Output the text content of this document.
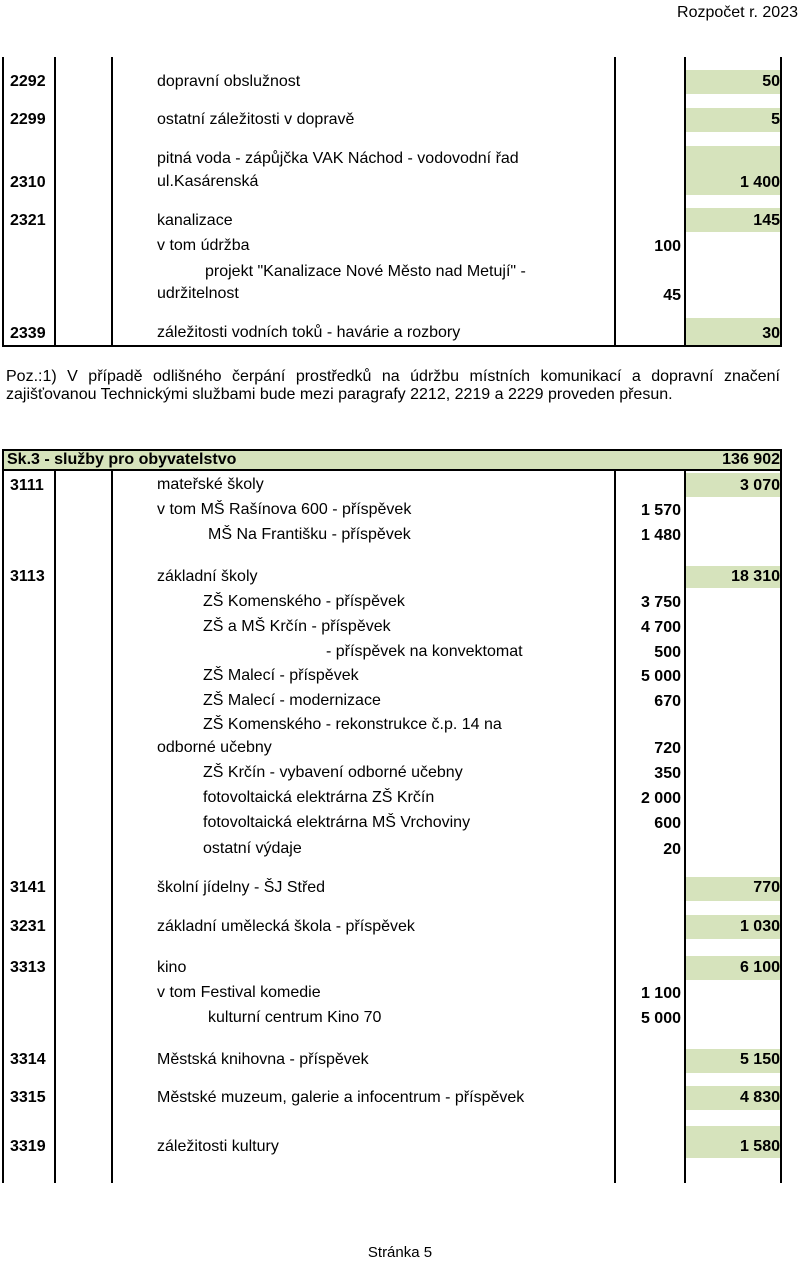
Rozpočet r. 2023
Stránka 5
2292	dopravní obslužnost	50
2299	ostatní záležitosti v dopravě	5
pitná voda - zápůjčka VAK Náchod - vodovodní řad
2310	ul.Kasárenská	1 400
2321	kanalizace	145
v tom údržba	100
projekt "Kanalizace Nové Město nad Metují" -
udržitelnost	45
2339	záležitosti vodních toků - havárie a rozbory	30
Poz.:1) V případě odlišného čerpání prostředků na údržbu místních komunikací a dopravní značení zajišťovanou Technickými službami bude mezi paragrafy 2212, 2219 a 2229 proveden přesun.
Sk.3 - služby pro obyvatelstvo	136 902
3111	mateřské školy	3 070
v tom MŠ Rašínova 600 - příspěvek	1 570
MŠ Na Františku - příspěvek	1 480
3113	základní školy	18 310
ZŠ Komenského - příspěvek	3 750
ZŠ a MŠ Krčín - příspěvek	4 700
- příspěvek na konvektomat	500
ZŠ Malecí - příspěvek	5 000
ZŠ Malecí - modernizace	670
ZŠ Komenského - rekonstrukce č.p. 14 na
odborné učebny	720
ZŠ Krčín - vybavení odborné učebny	350
fotovoltaická elektrárna ZŠ Krčín	2 000
fotovoltaická elektrárna MŠ Vrchoviny	600
ostatní výdaje	20
3141	školní jídelny - ŠJ Střed	770
3231	základní umělecká škola - příspěvek	1 030
3313	kino	6 100
v tom Festival komedie	1 100
kulturní centrum Kino 70	5 000
3314	Městská knihovna - příspěvek	5 150
3315	Městské muzeum, galerie a infocentrum - příspěvek	4 830
3319	záležitosti kultury	1 580
